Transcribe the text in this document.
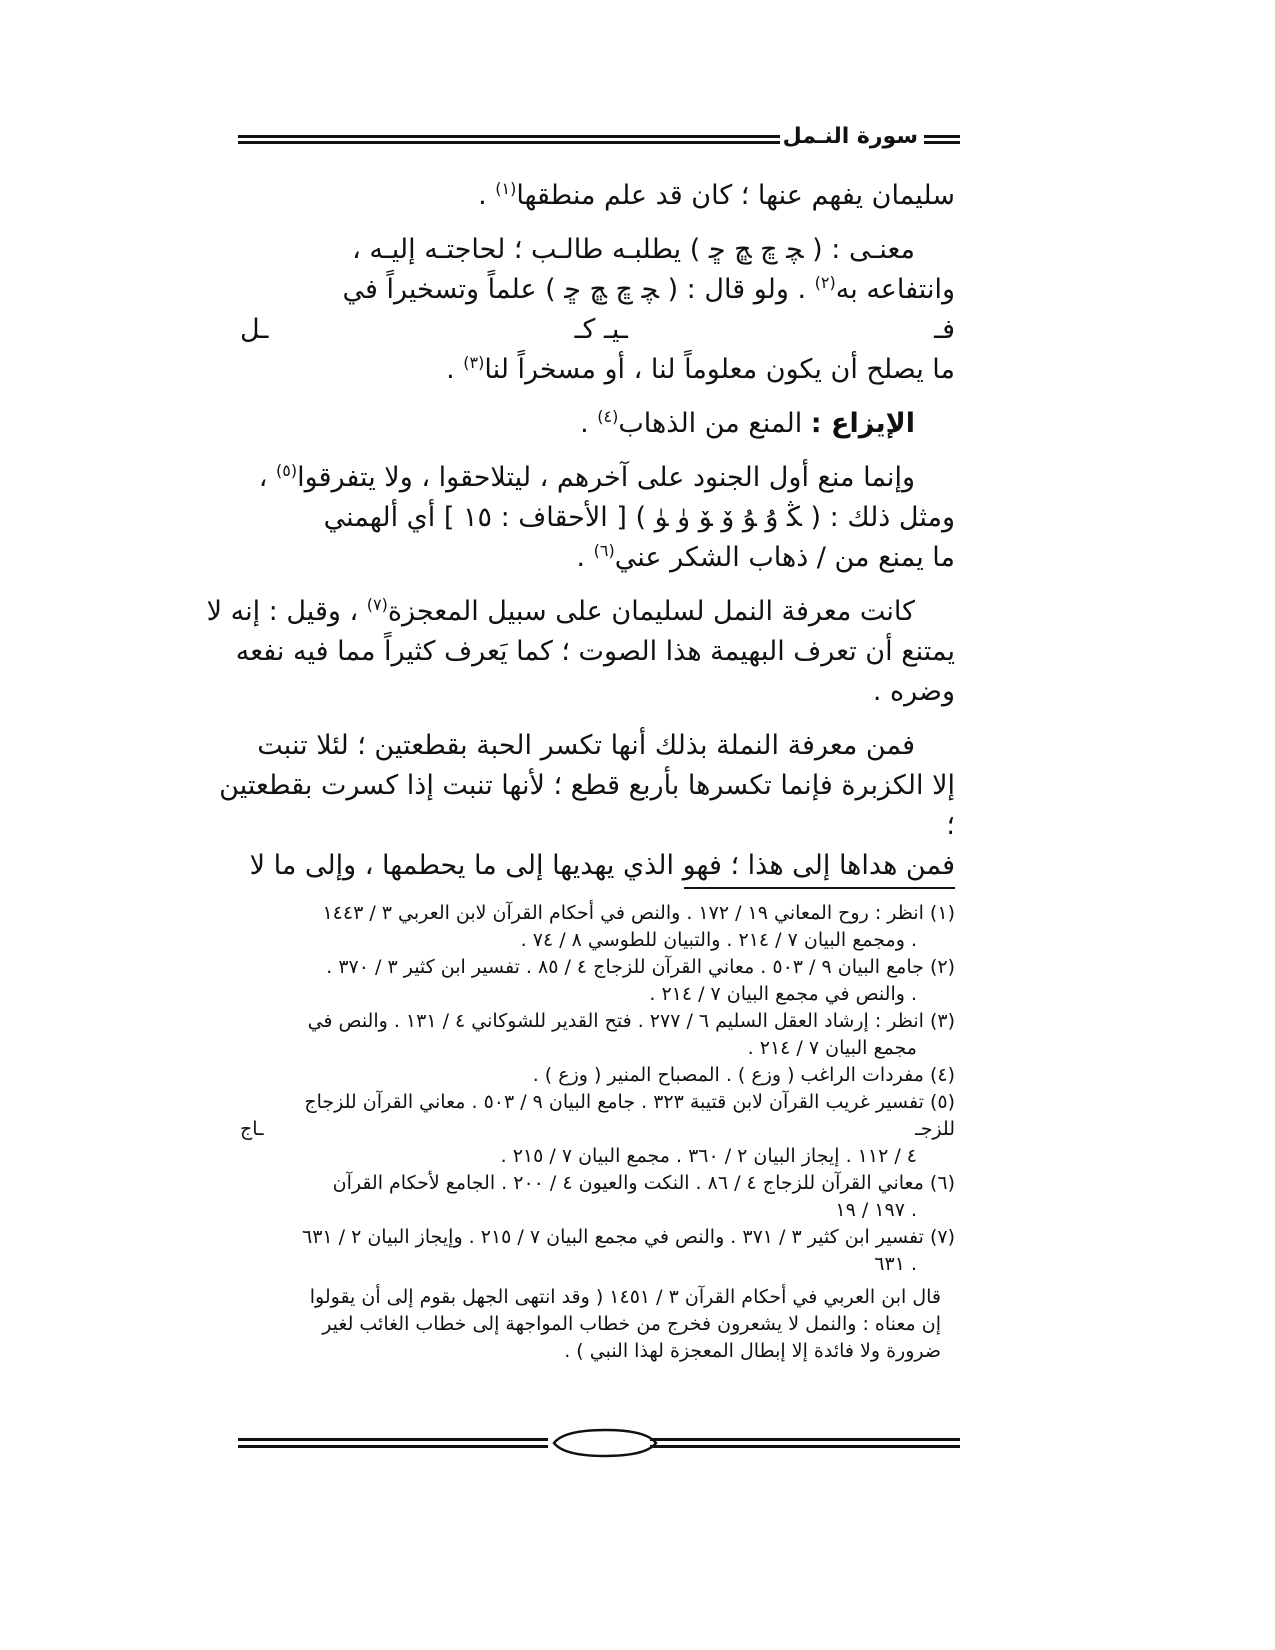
سورة النـمل
سليمان يفهم عنها ؛ كان قد علم منطقها$^{(١)}$ .
معنـى : ( ﭽ ﭾ ﭿ ﮀ ) يطلبـه طالـب ؛ لحاجتـه إليـه ،
وانتفاعه به$^{(٢)}$ . ولو قال : ( ﭽ ﭾ ﭿ ﮀ ) علماً وتسخيراً في
فـ
ـيـ كـ
ـل
ما يصلح أن يكون معلوماً لنا ، أو مسخراً لنا$^{(٣)}$ .
الإيزاع : المنع من الذهاب$^{(٤)}$ .
وإنما منع أول الجنود على آخرهم ، ليتلاحقوا ، ولا يتفرقوا$^{(٥)}$ ،
ومثل ذلك : ( ﯖ ﯗ ﯘ ﯙ ﯚ ﯛ ﯜ ) [ الأحقاف : ١٥ ] أي ألهمني
ما يمنع من / ذهاب الشكر عني$^{(٦)}$ .
كانت معرفة النمل لسليمان على سبيل المعجزة$^{(٧)}$ ، وقيل : إنه لا
يمتنع أن تعرف البهيمة هذا الصوت ؛ كما يَعرف كثيراً مما فيه نفعه
وضره .
فمن معرفة النملة بذلك أنها تكسر الحبة بقطعتين ؛ لئلا تنبت
إلا الكزبرة فإنما تكسرها بأربع قطع ؛ لأنها تنبت إذا كسرت بقطعتين
؛
فمن هداها إلى هذا ؛ فهو الذي يهديها إلى ما يحطمها ، وإلى ما لا
(١) انظر : روح المعاني ١٩ / ١٧٢ . والنص في أحكام القرآن لابن العربي ٣ / ١٤٤٣
. ومجمع البيان ٧ / ٢١٤ . والتبيان للطوسي ٨ / ٧٤ .
(٢) جامع البيان ٩ / ٥٠٣ . معاني القرآن للزجاج ٤ / ٨٥ . تفسير ابن كثير ٣ / ٣٧٠ .
. والنص في مجمع البيان ٧ / ٢١٤ .
(٣) انظر : إرشاد العقل السليم ٦ / ٢٧٧ . فتح القدير للشوكاني ٤ / ١٣١ . والنص في
مجمع البيان ٧ / ٢١٤ .
(٤) مفردات الراغب ( وزع ) . المصباح المنير ( وزع ) .
(٥) تفسير غريب القرآن لابن قتيبة ٣٢٣ . جامع البيان ٩ / ٥٠٣ . معاني القرآن للزجاج
للزجـ
ـاج
٤ / ١١٢ . إيجاز البيان ٢ / ٣٦٠ . مجمع البيان ٧ / ٢١٥ .
(٦) معاني القرآن للزجاج ٤ / ٨٦ . النكت والعيون ٤ / ٢٠٠ . الجامع لأحكام القرآن
. ١٩٧ / ١٩
(٧) تفسير ابن كثير ٣ / ٣٧١ . والنص في مجمع البيان ٧ / ٢١٥ . وإيجاز البيان ٢ / ٦٣١
. ٦٣١
قال ابن العربي في أحكام القرآن ٣ / ١٤٥١ ( وقد انتهى الجهل بقوم إلى أن يقولوا
إن معناه : والنمل لا يشعرون فخرج من خطاب المواجهة إلى خطاب الغائب لغير
ضرورة ولا فائدة إلا إبطال المعجزة لهذا النبي ) .
